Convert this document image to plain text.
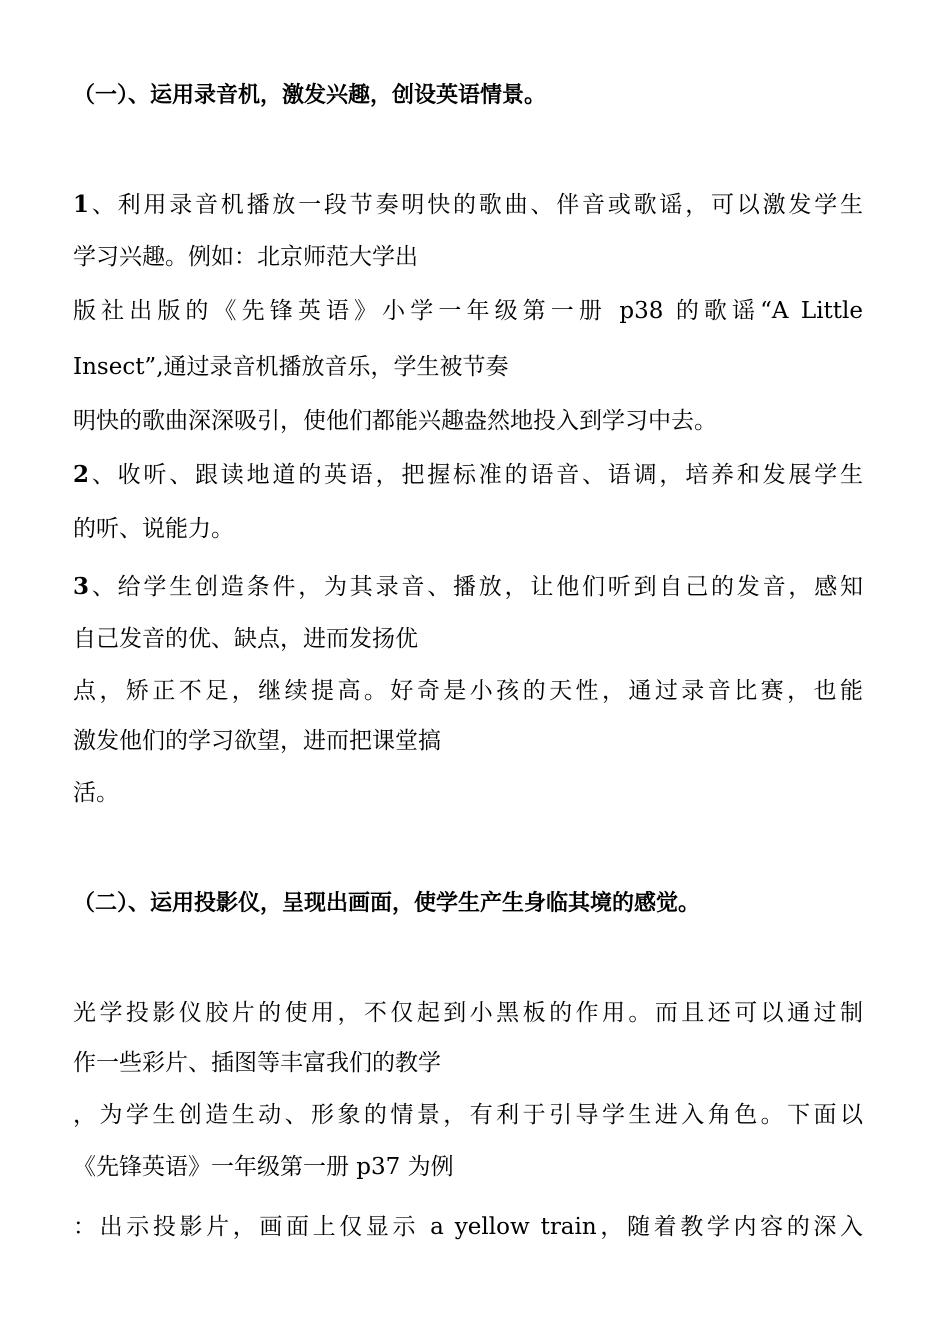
（一）、运用录音机，激发兴趣，创设英语情景。
1、利用录音机播放一段节奏明快的歌曲、伴音或歌谣，可以激发学生
学习兴趣。例如：北京师范大学出
版社出版的《先锋英语》小学一年级第一册 p38 的歌谣“A Little
Insect”,通过录音机播放音乐，学生被节奏
明快的歌曲深深吸引，使他们都能兴趣盎然地投入到学习中去。
2、收听、跟读地道的英语，把握标准的语音、语调，培养和发展学生
的听、说能力。
3、给学生创造条件，为其录音、播放，让他们听到自己的发音，感知
自己发音的优、缺点，进而发扬优
点，矫正不足，继续提高。好奇是小孩的天性，通过录音比赛，也能
激发他们的学习欲望，进而把课堂搞
活。
（二）、运用投影仪，呈现出画面，使学生产生身临其境的感觉。
光学投影仪胶片的使用，不仅起到小黑板的作用。而且还可以通过制
作一些彩片、插图等丰富我们的教学
，为学生创造生动、形象的情景，有利于引导学生进入角色。下面以
《先锋英语》一年级第一册 p37 为例
：出示投影片，画面上仅显示 a yellow train，随着教学内容的深入
